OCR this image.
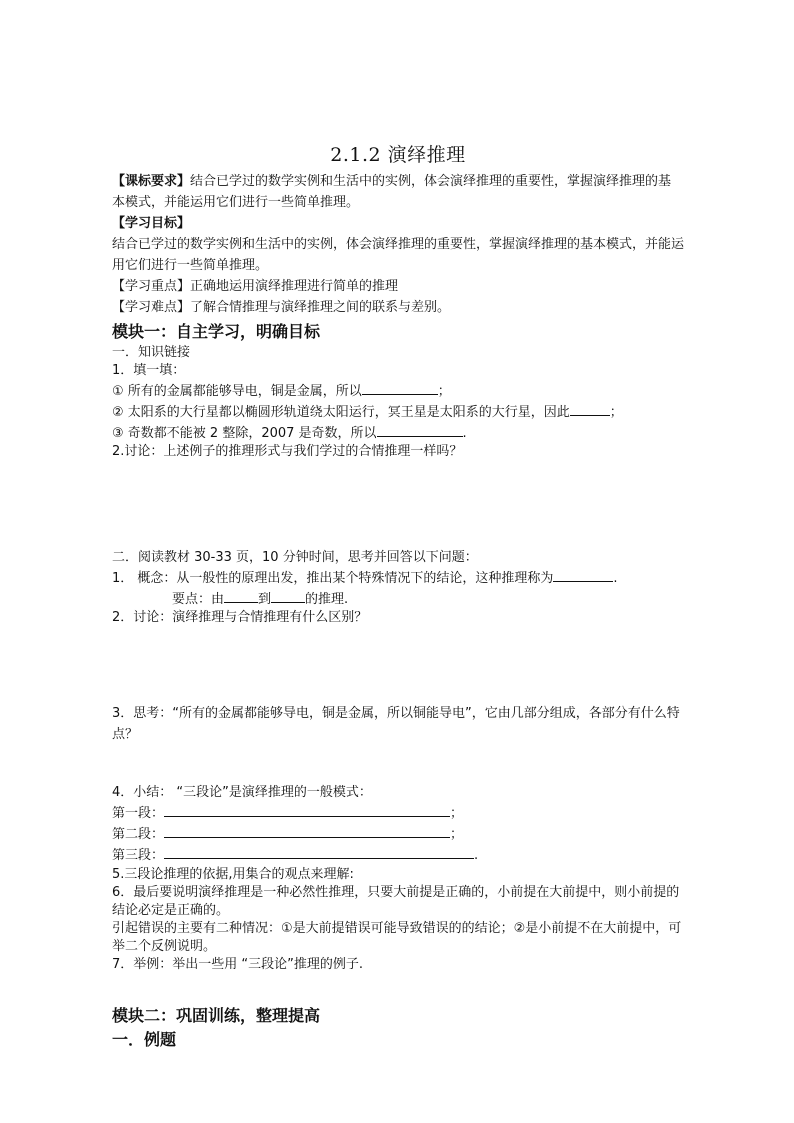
2.1.2 演绎推理

【课标要求】结合已学过的数学实例和生活中的实例，体会演绎推理的重要性，掌握演绎推理的基本模式，并能运用它们进行一些简单推理。

【学习目标】

结合已学过的数学实例和生活中的实例，体会演绎推理的重要性，掌握演绎推理的基本模式，并能运用它们进行一些简单推理。

【学习重点】正确地运用演绎推理进行简单的推理

【学习难点】了解合情推理与演绎推理之间的联系与差别。

模块一：自主学习，明确目标

一．知识链接

1．填一填：

① 所有的金属都能够导电，铜是金属，所以	；

② 太阳系的大行星都以椭圆形轨道绕太阳运行，冥王星是太阳系的大行星，因此	；

③ 奇数都不能被 2 整除，2007 是奇数，所以	.

2.讨论：上述例子的推理形式与我们学过的合情推理一样吗？

二．阅读教材 30-33 页，10 分钟时间，思考并回答以下问题：

1． 概念：从一般性的原理出发，推出某个特殊情况下的结论，这种推理称为	.

要点：由	到	的推理.

2．讨论：演绎推理与合情推理有什么区别？

3．思考：“所有的金属都能够导电，铜是金属，所以铜能导电”，它由几部分组成，各部分有什么特点？

4．小结： “三段论”是演绎推理的一般模式：

第一段：	；

第二段：	；

第三段：	.

5.三段论推理的依据,用集合的观点来理解:

6．最后要说明演绎推理是一种必然性推理，只要大前提是正确的，小前提在大前提中，则小前提的结论必定是正确的。

引起错误的主要有二种情况：①是大前提错误可能导致错误的的结论；②是小前提不在大前提中，可举二个反例说明。

7．举例：举出一些用 “三段论”推理的例子.

模块二：巩固训练，整理提高

一．例题
